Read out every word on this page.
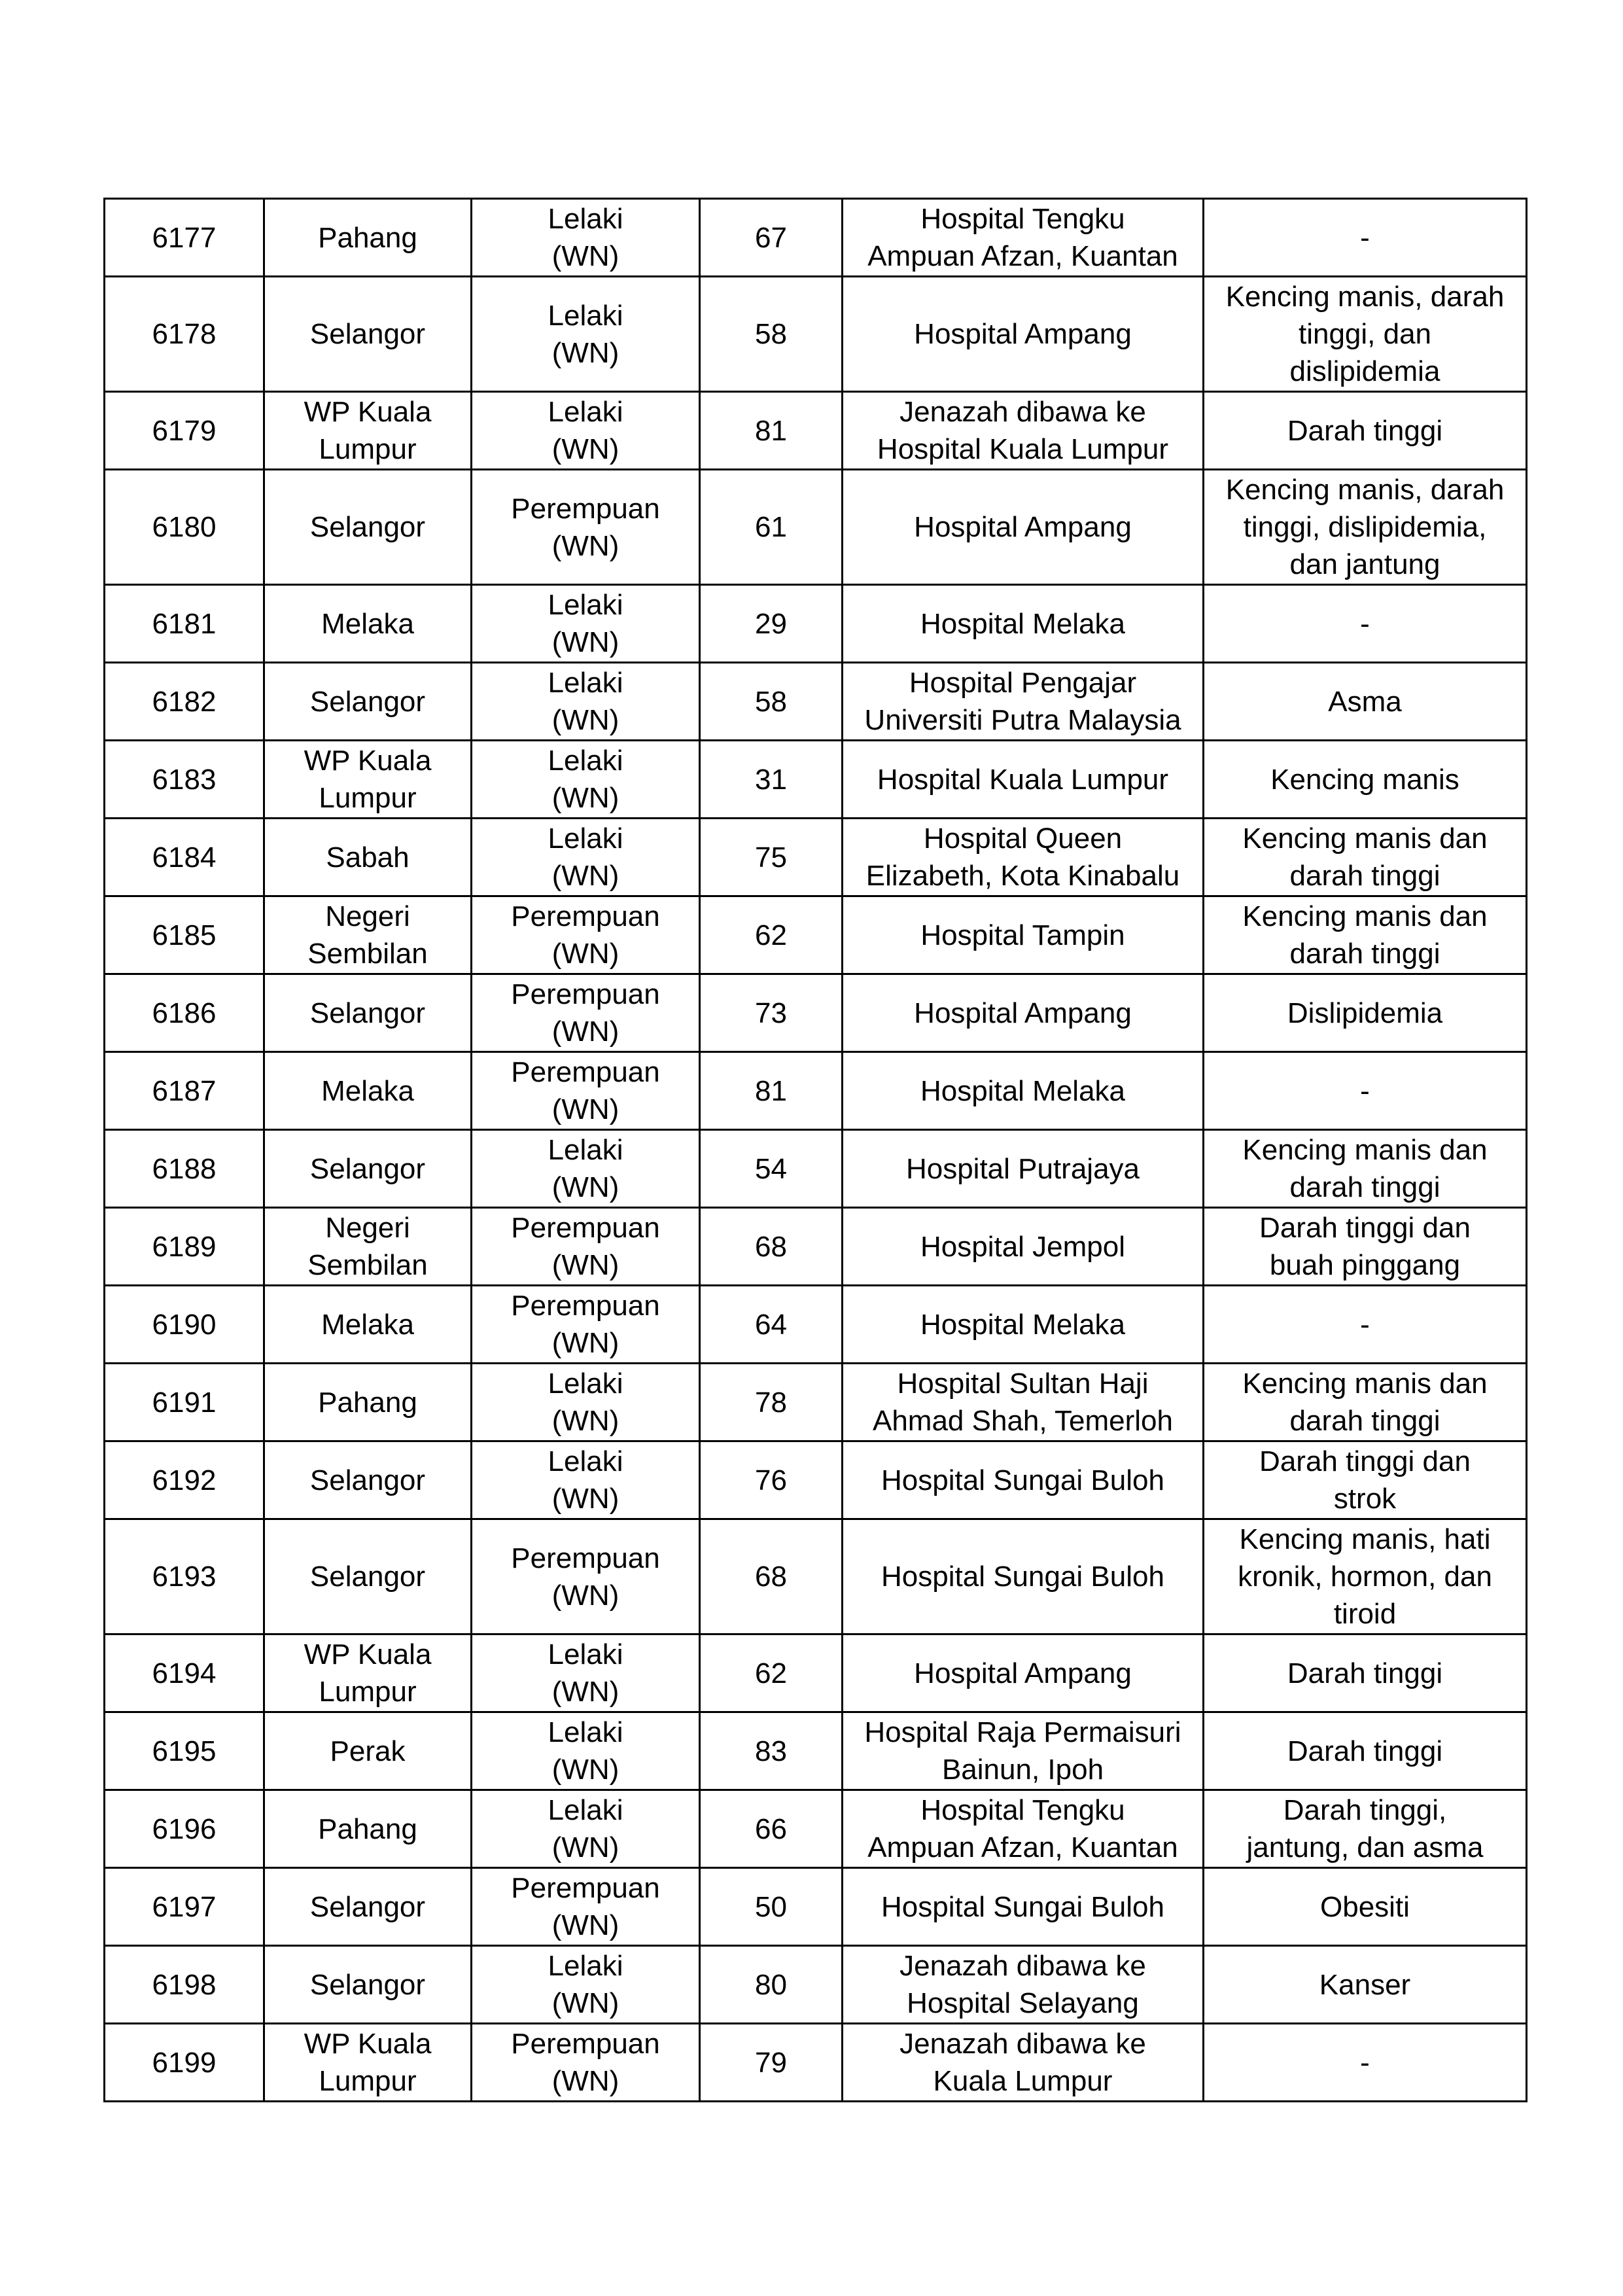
6177	Pahang	Lelaki
(WN)	67	Hospital Tengku
Ampuan Afzan, Kuantan	-
6178	Selangor	Lelaki
(WN)	58	Hospital Ampang	Kencing manis, darah
tinggi, dan
dislipidemia
6179	WP Kuala
Lumpur	Lelaki
(WN)	81	Jenazah dibawa ke
Hospital Kuala Lumpur	Darah tinggi
6180	Selangor	Perempuan
(WN)	61	Hospital Ampang	Kencing manis, darah
tinggi, dislipidemia,
dan jantung
6181	Melaka	Lelaki
(WN)	29	Hospital Melaka	-
6182	Selangor	Lelaki
(WN)	58	Hospital Pengajar
Universiti Putra Malaysia	Asma
6183	WP Kuala
Lumpur	Lelaki
(WN)	31	Hospital Kuala Lumpur	Kencing manis
6184	Sabah	Lelaki
(WN)	75	Hospital Queen
Elizabeth, Kota Kinabalu	Kencing manis dan
darah tinggi
6185	Negeri
Sembilan	Perempuan
(WN)	62	Hospital Tampin	Kencing manis dan
darah tinggi
6186	Selangor	Perempuan
(WN)	73	Hospital Ampang	Dislipidemia
6187	Melaka	Perempuan
(WN)	81	Hospital Melaka	-
6188	Selangor	Lelaki
(WN)	54	Hospital Putrajaya	Kencing manis dan
darah tinggi
6189	Negeri
Sembilan	Perempuan
(WN)	68	Hospital Jempol	Darah tinggi dan
buah pinggang
6190	Melaka	Perempuan
(WN)	64	Hospital Melaka	-
6191	Pahang	Lelaki
(WN)	78	Hospital Sultan Haji
Ahmad Shah, Temerloh	Kencing manis dan
darah tinggi
6192	Selangor	Lelaki
(WN)	76	Hospital Sungai Buloh	Darah tinggi dan
strok
6193	Selangor	Perempuan
(WN)	68	Hospital Sungai Buloh	Kencing manis, hati
kronik, hormon, dan
tiroid
6194	WP Kuala
Lumpur	Lelaki
(WN)	62	Hospital Ampang	Darah tinggi
6195	Perak	Lelaki
(WN)	83	Hospital Raja Permaisuri
Bainun, Ipoh	Darah tinggi
6196	Pahang	Lelaki
(WN)	66	Hospital Tengku
Ampuan Afzan, Kuantan	Darah tinggi,
jantung, dan asma
6197	Selangor	Perempuan
(WN)	50	Hospital Sungai Buloh	Obesiti
6198	Selangor	Lelaki
(WN)	80	Jenazah dibawa ke
Hospital Selayang	Kanser
6199	WP Kuala
Lumpur	Perempuan
(WN)	79	Jenazah dibawa ke
Kuala Lumpur	-
